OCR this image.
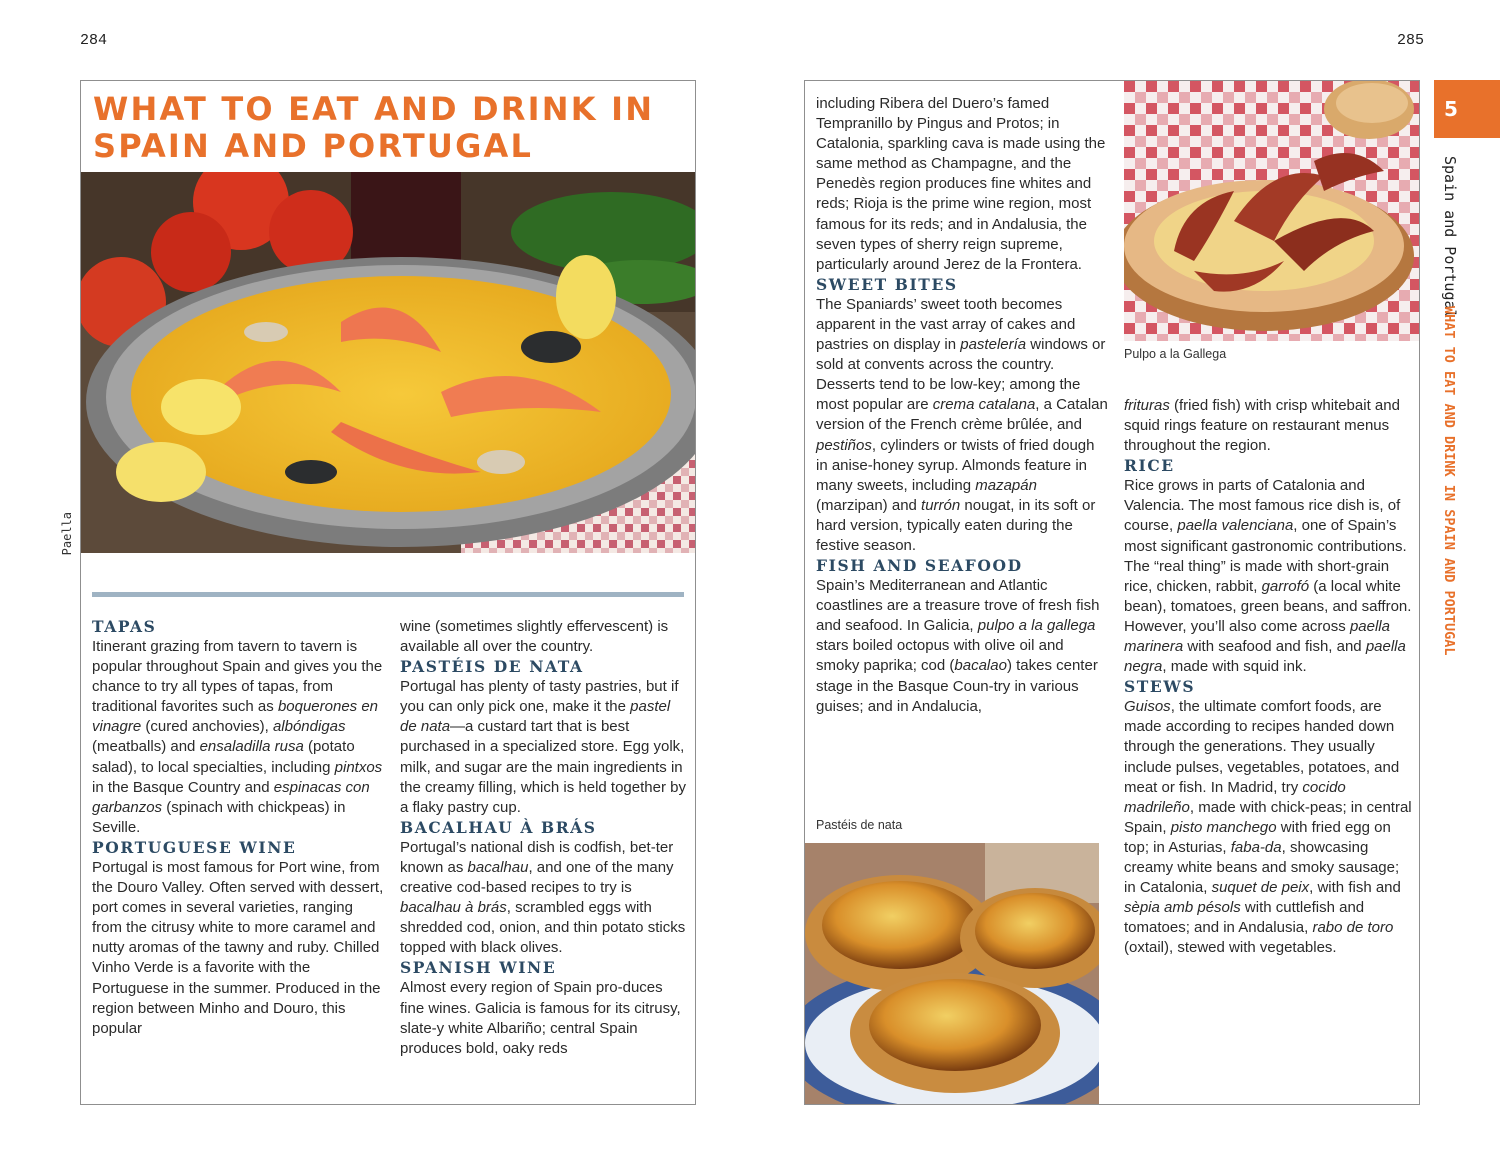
284	285
WHAT TO EAT AND DRINK IN
SPAIN AND PORTUGAL
Paella
TAPAS

Itinerant grazing from tavern to tavern is popular throughout Spain and gives you the chance to try all types of tapas, from traditional favorites such as boquerones en vinagre (cured anchovies), albóndigas (meatballs) and ensaladilla rusa (potato salad), to local specialties, including pintxos in the Basque Country and espinacas con garbanzos (spinach with chickpeas) in Seville.

PORTUGUESE WINE

Portugal is most famous for Port wine, from the Douro Valley. Often served with dessert, port comes in several varieties, ranging from the citrusy white to more caramel and nutty aromas of the tawny and ruby. Chilled Vinho Verde is a favorite with the Portuguese in the summer. Produced in the region between Minho and Douro, this popular

wine (sometimes slightly effervescent) is available all over the country.

PASTÉIS DE NATA

Portugal has plenty of tasty pastries, but if you can only pick one, make it the pastel de nata—a custard tart that is best purchased in a specialized store. Egg yolk, milk, and sugar are the main ingredients in the creamy filling, which is held together by a flaky pastry cup.

BACALHAU À BRÁS

Portugal’s national dish is codfish, bet-ter known as bacalhau, and one of the many creative cod-based recipes to try is bacalhau à brás, scrambled eggs with shredded cod, onion, and thin potato sticks topped with black olives.

SPANISH WINE

Almost every region of Spain pro-duces fine wines. Galicia is famous for its citrusy, slate-y white Albariño; central Spain produces bold, oaky reds

including Ribera del Duero’s famed Tempranillo by Pingus and Protos; in Catalonia, sparkling cava is made using the same method as Champagne, and the Penedès region produces fine whites and reds; Rioja is the prime wine region, most famous for its reds; and in Andalusia, the seven types of sherry reign supreme, particularly around Jerez de la Frontera.

SWEET BITES

The Spaniards’ sweet tooth becomes apparent in the vast array of cakes and pastries on display in pastelería windows or sold at convents across the country. Desserts tend to be low-key; among the most popular are crema catalana, a Catalan version of the French crème brûlée, and pestiños, cylinders or twists of fried dough in anise-honey syrup. Almonds feature in many sweets, including mazapán (marzipan) and turrón nougat, in its soft or hard version, typically eaten during the festive season.

FISH AND SEAFOOD

Spain’s Mediterranean and Atlantic coastlines are a treasure trove of fresh fish and seafood. In Galicia, pulpo a la gallega stars boiled octopus with olive oil and smoky paprika; cod (bacalao) takes center stage in the Basque Coun-try in various guises; and in Andalucia,

Pastéis de nata
Pulpo a la Gallega

frituras (fried fish) with crisp whitebait and squid rings feature on restaurant menus throughout the region.

RICE

Rice grows in parts of Catalonia and Valencia. The most famous rice dish is, of course, paella valenciana, one of Spain’s most significant gastronomic contributions. The “real thing” is made with short-grain rice, chicken, rabbit, garrofó (a local white bean), tomatoes, green beans, and saffron. However, you’ll also come across paella marinera with seafood and fish, and paella negra, made with squid ink.

STEWS

Guisos, the ultimate comfort foods, are made according to recipes handed down through the generations. They usually include pulses, vegetables, potatoes, and meat or fish. In Madrid, try cocido madrileño, made with chick-peas; in central Spain, pisto manchego with fried egg on top; in Asturias, faba-da, showcasing creamy white beans and smoky sausage; in Catalonia, suquet de peix, with fish and sèpia amb pésols with cuttlefish and tomatoes; and in Andalusia, rabo de toro (oxtail), stewed with vegetables.

5
Spain and Portugal
WHAT TO EAT AND DRINK IN SPAIN AND PORTUGAL
